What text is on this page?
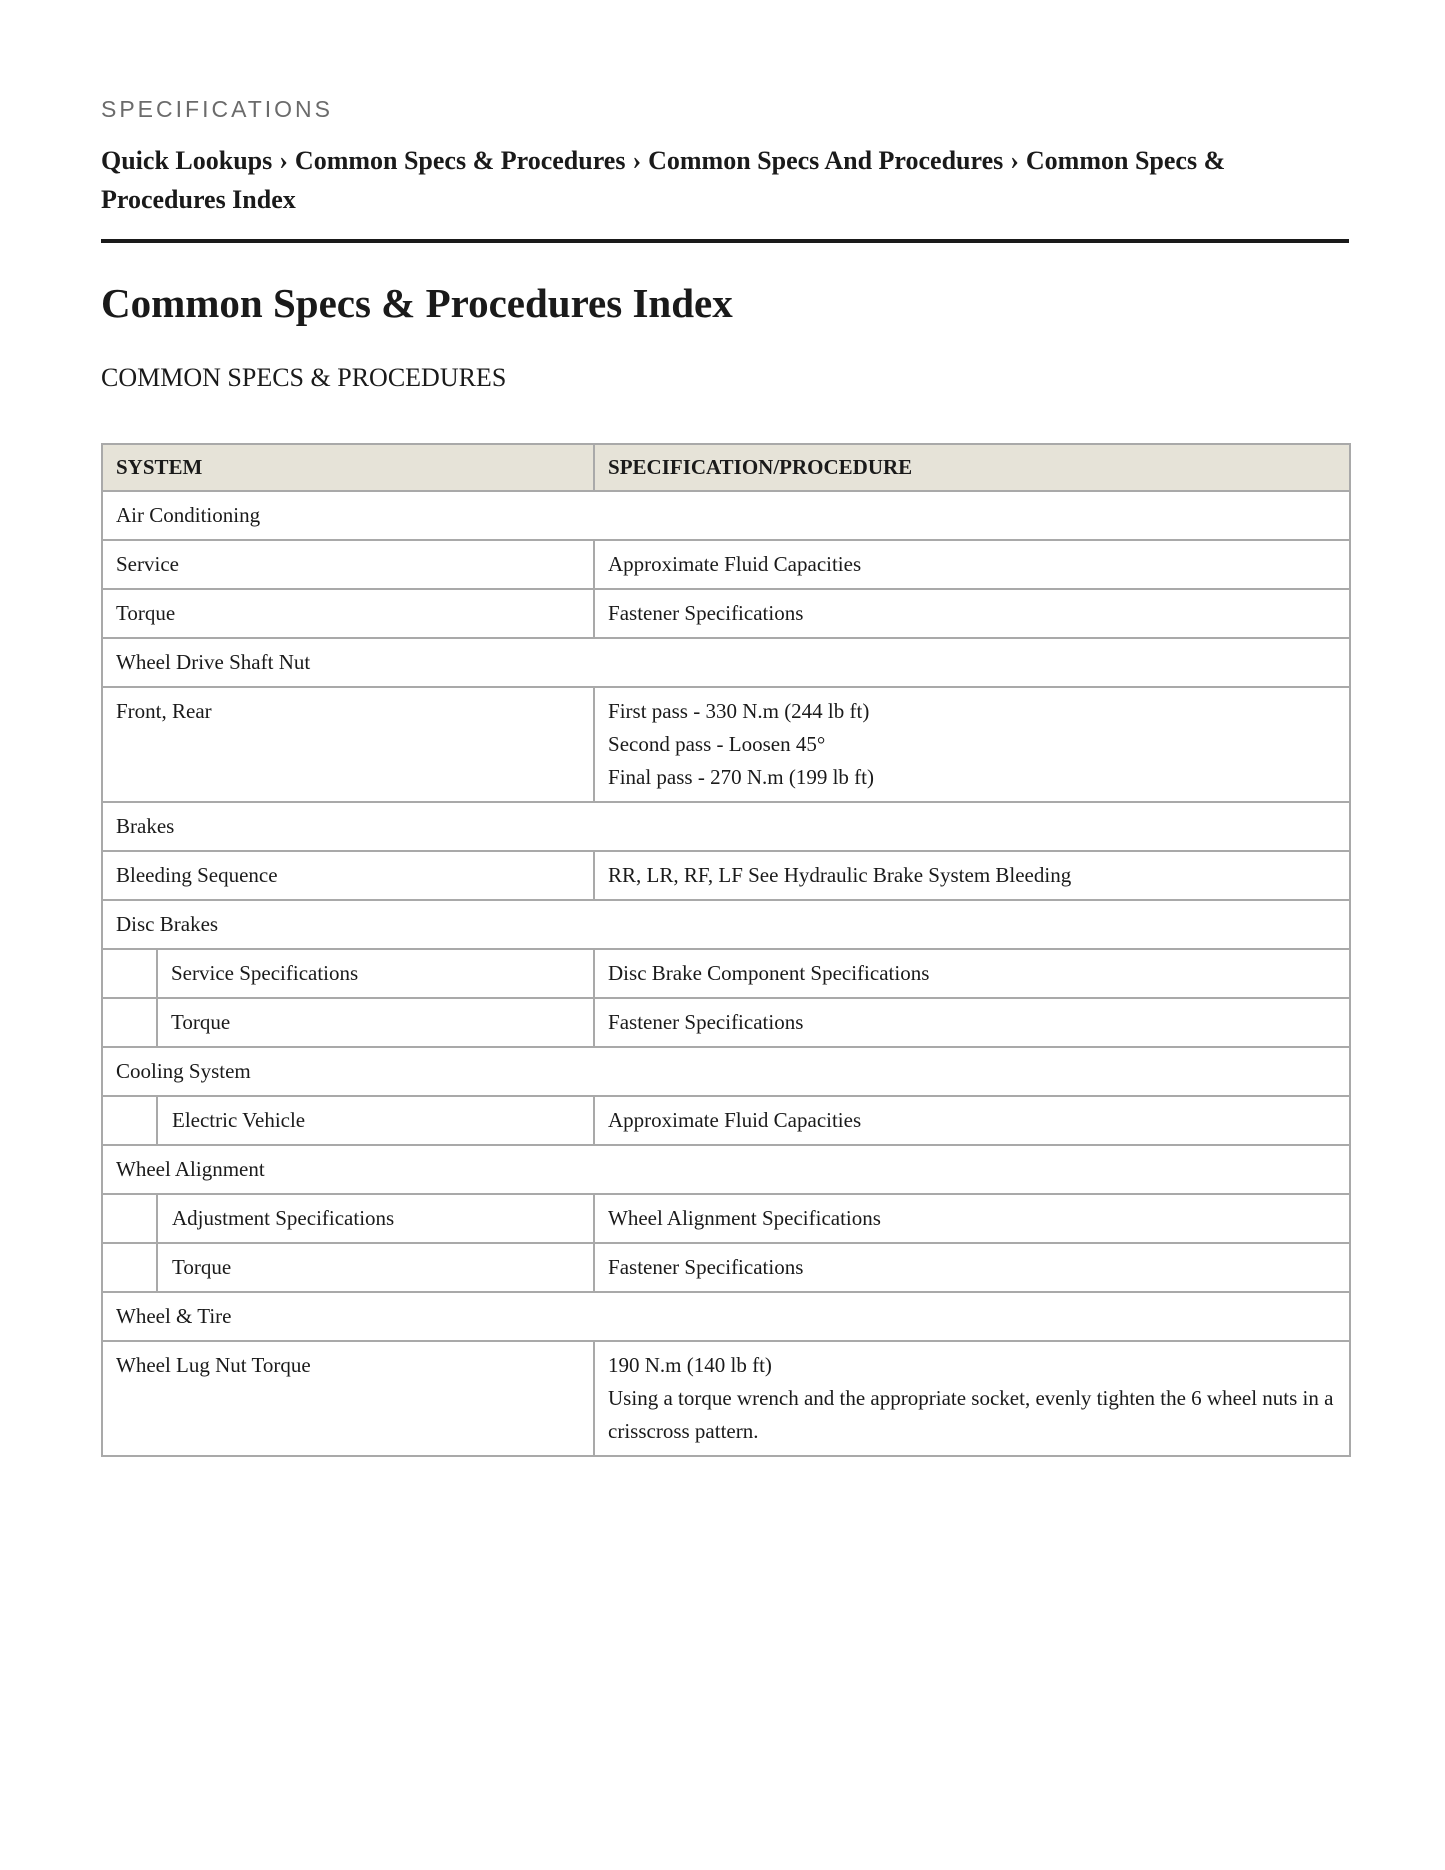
SPECIFICATIONS
Quick Lookups › Common Specs & Procedures › Common Specs And Procedures › Common Specs & Procedures Index
Common Specs & Procedures Index
COMMON SPECS & PROCEDURES
SYSTEM		SPECIFICATION/PROCEDURE
Air Conditioning		
Service		Approximate Fluid Capacities
Torque		Fastener Specifications
Wheel Drive Shaft Nut		
Front, Rear		First pass - 330 N.m (244 lb ft)
Second pass - Loosen 45°
Final pass - 270 N.m (199 lb ft)

Brakes		
Bleeding Sequence		RR, LR, RF, LF See Hydraulic Brake System Bleeding
Disc Brakes		
	Service Specifications	Disc Brake Component Specifications
	Torque	Fastener Specifications
Cooling System		
	Electric Vehicle	Approximate Fluid Capacities
Wheel Alignment		
	Adjustment Specifications	Wheel Alignment Specifications
	Torque	Fastener Specifications
Wheel & Tire		
Wheel Lug Nut Torque		190 N.m (140 lb ft)
Using a torque wrench and the appropriate socket, evenly tighten the 6 wheel nuts in a crisscross pattern.
